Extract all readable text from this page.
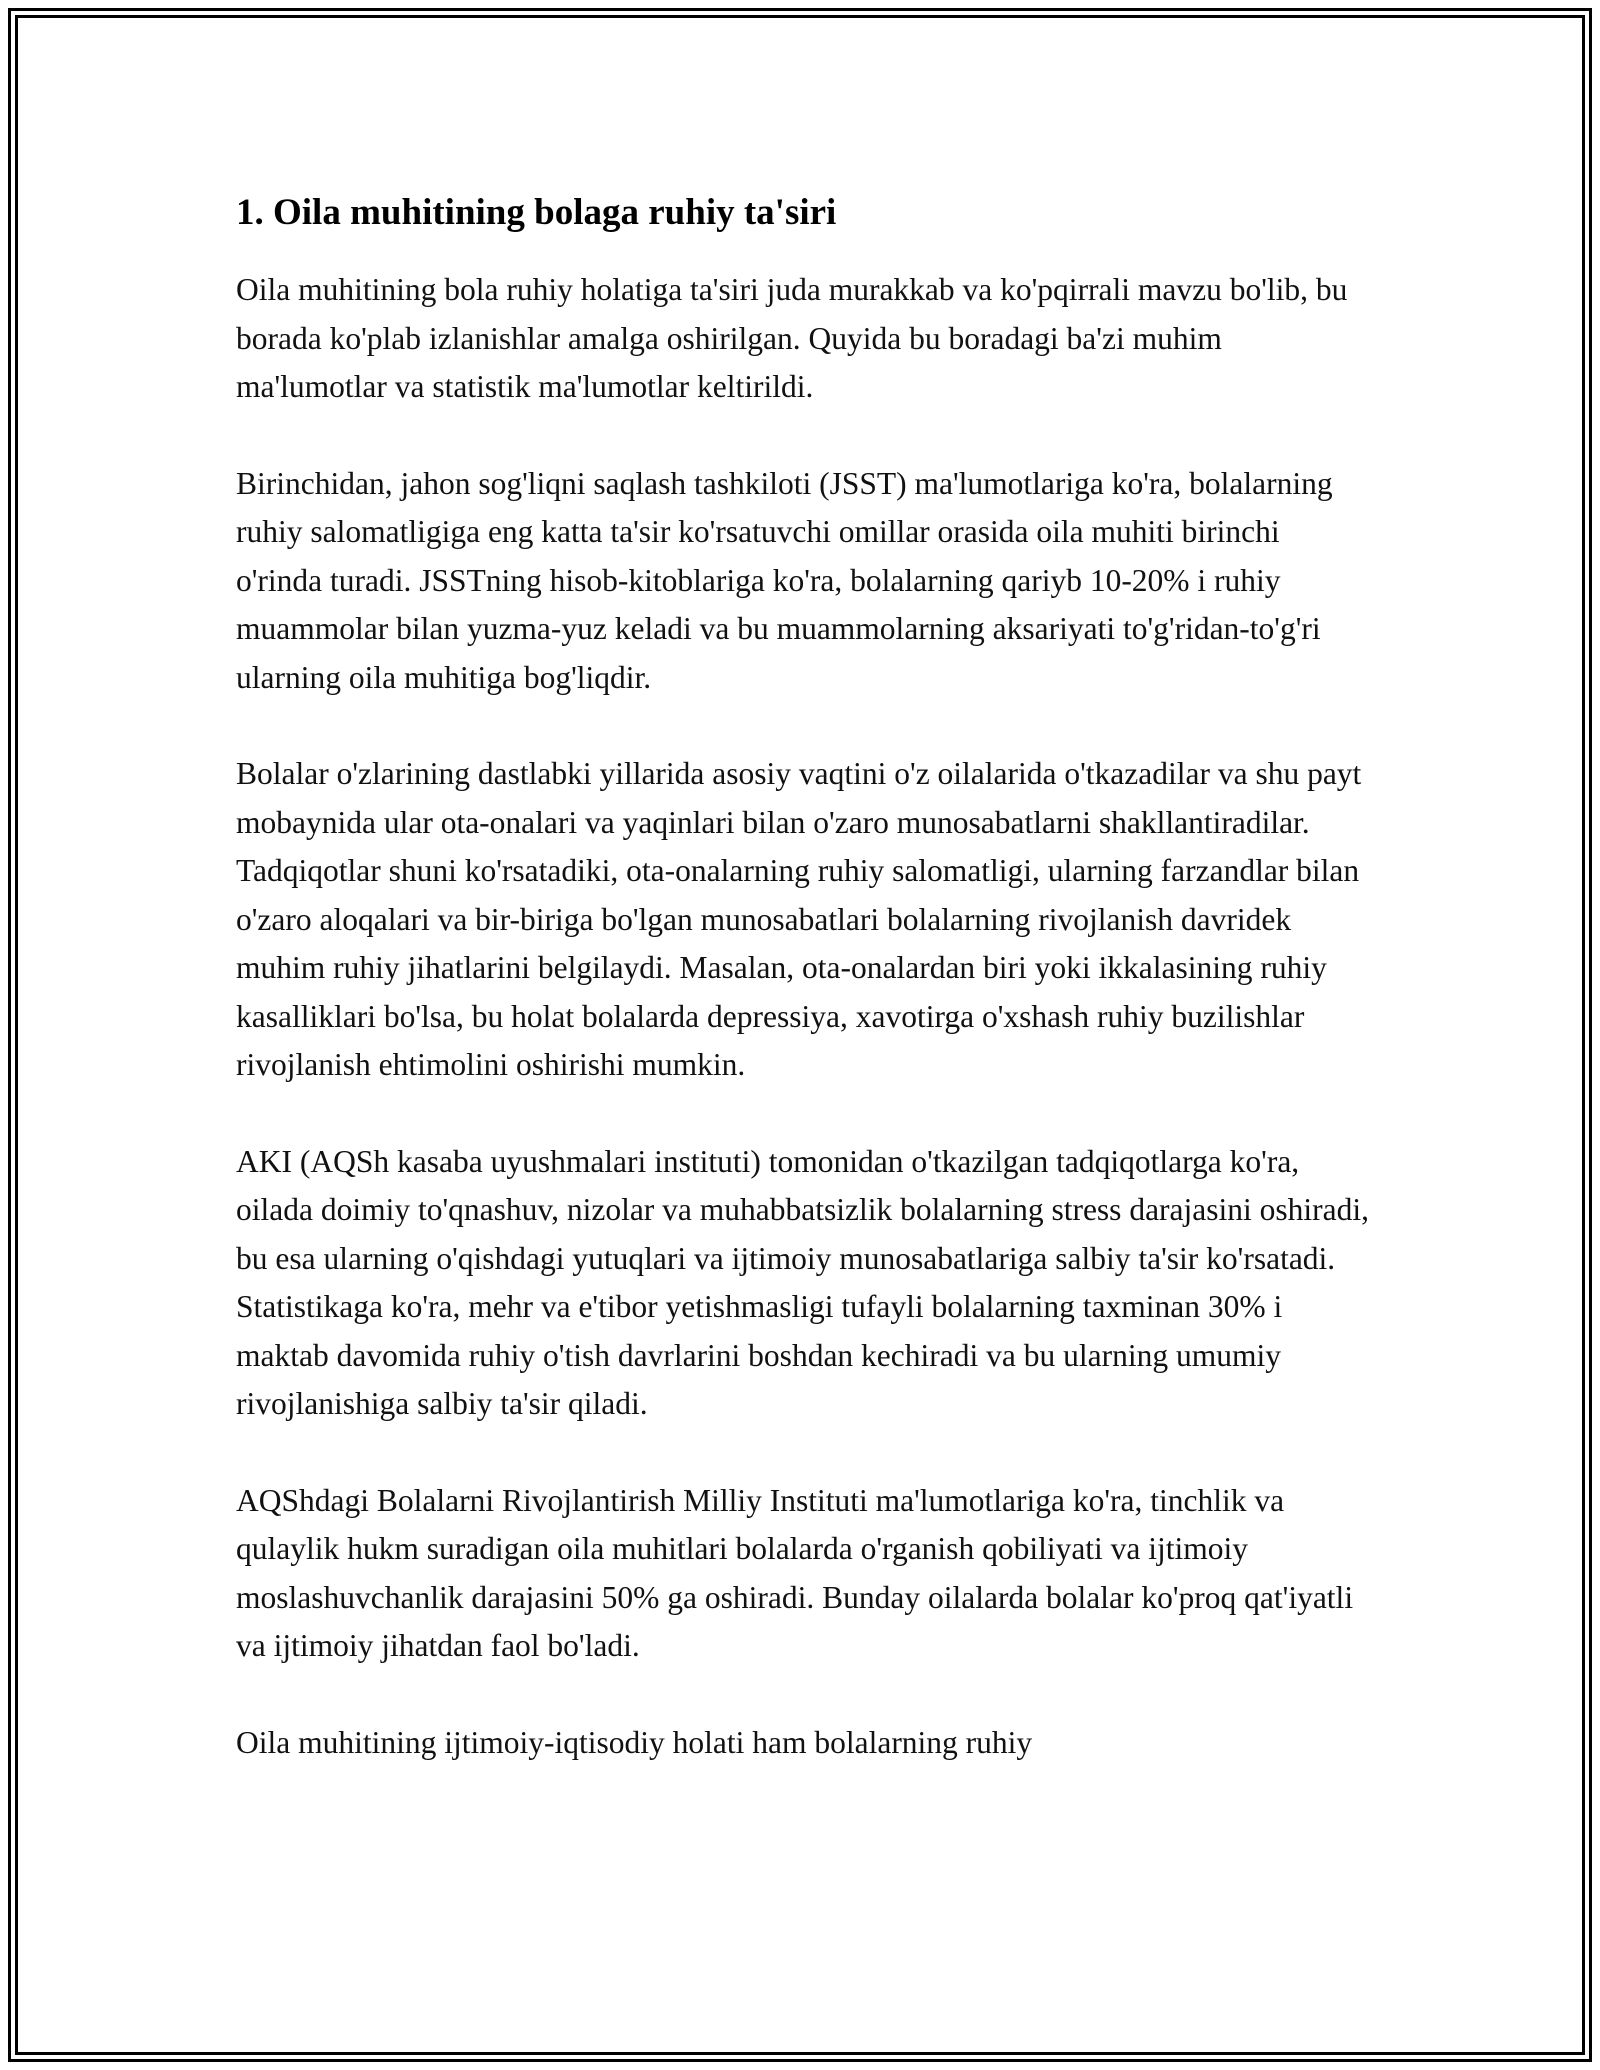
1. Oila muhitining bolaga ruhiy ta'siri

Oila muhitining bola ruhiy holatiga ta'siri juda murakkab va ko'pqirrali mavzu bo'lib, bu borada ko'plab izlanishlar amalga oshirilgan. Quyida bu boradagi ba'zi muhim ma'lumotlar va statistik ma'lumotlar keltirildi.

Birinchidan, jahon sog'liqni saqlash tashkiloti (JSST) ma'lumotlariga ko'ra, bolalarning ruhiy salomatligiga eng katta ta'sir ko'rsatuvchi omillar orasida oila muhiti birinchi o'rinda turadi. JSSTning hisob-kitoblariga ko'ra, bolalarning qariyb 10-20% i ruhiy muammolar bilan yuzma-yuz keladi va bu muammolarning aksariyati to'g'ridan-to'g'ri ularning oila muhitiga bog'liqdir.

Bolalar o'zlarining dastlabki yillarida asosiy vaqtini o'z oilalarida o'tkazadilar va shu payt mobaynida ular ota-onalari va yaqinlari bilan o'zaro munosabatlarni shakllantiradilar. Tadqiqotlar shuni ko'rsatadiki, ota-onalarning ruhiy salomatligi, ularning farzandlar bilan o'zaro aloqalari va bir-biriga bo'lgan munosabatlari bolalarning rivojlanish davridek muhim ruhiy jihatlarini belgilaydi. Masalan, ota-onalardan biri yoki ikkalasining ruhiy kasalliklari bo'lsa, bu holat bolalarda depressiya, xavotirga o'xshash ruhiy buzilishlar rivojlanish ehtimolini oshirishi mumkin.

AKI (AQSh kasaba uyushmalari instituti) tomonidan o'tkazilgan tadqiqotlarga ko'ra, oilada doimiy to'qnashuv, nizolar va muhabbatsizlik bolalarning stress darajasini oshiradi, bu esa ularning o'qishdagi yutuqlari va ijtimoiy munosabatlariga salbiy ta'sir ko'rsatadi. Statistikaga ko'ra, mehr va e'tibor yetishmasligi tufayli bolalarning taxminan 30% i maktab davomida ruhiy o'tish davrlarini boshdan kechiradi va bu ularning umumiy rivojlanishiga salbiy ta'sir qiladi.

AQShdagi Bolalarni Rivojlantirish Milliy Instituti ma'lumotlariga ko'ra, tinchlik va qulaylik hukm suradigan oila muhitlari bolalarda o'rganish qobiliyati va ijtimoiy moslashuvchanlik darajasini 50% ga oshiradi. Bunday oilalarda bolalar ko'proq qat'iyatli va ijtimoiy jihatdan faol bo'ladi.

Oila muhitining ijtimoiy-iqtisodiy holati ham bolalarning ruhiy
